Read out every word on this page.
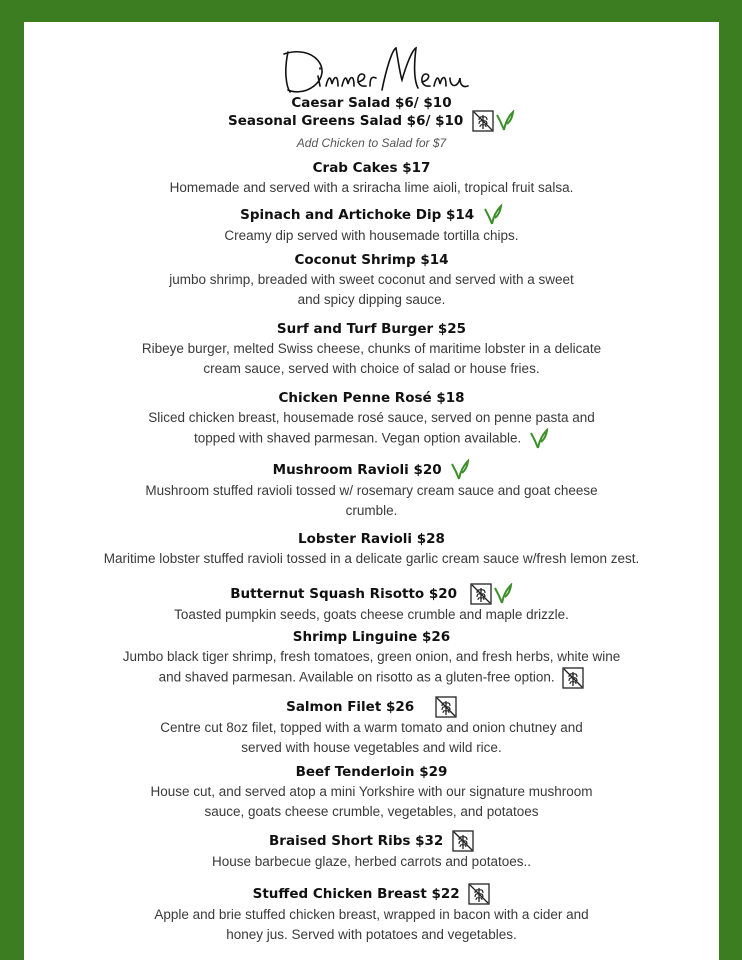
Caesar Salad $6/ $10
Seasonal Greens Salad $6/ $10
Add Chicken to Salad for $7
Crab Cakes $17
Homemade and served with a sriracha lime aioli, tropical fruit salsa.
Spinach and Artichoke Dip $14
Creamy dip served with housemade tortilla chips.
Coconut Shrimp $14
jumbo shrimp, breaded with sweet coconut and served with a sweet
and spicy dipping sauce.
Surf and Turf Burger $25
Ribeye burger, melted Swiss cheese, chunks of maritime lobster in a delicate
cream sauce, served with choice of salad or house fries.
Chicken Penne Rosé $18
Sliced chicken breast, housemade rosé sauce, served on penne pasta and
topped with shaved parmesan. Vegan option available.
Mushroom Ravioli $20
Mushroom stuffed ravioli tossed w/ rosemary cream sauce and goat cheese
crumble.
Lobster Ravioli $28
Maritime lobster stuffed ravioli tossed in a delicate garlic cream sauce w/fresh lemon zest.
Butternut Squash Risotto $20
Toasted pumpkin seeds, goats cheese crumble and maple drizzle.
Shrimp Linguine $26
Jumbo black tiger shrimp, fresh tomatoes, green onion, and fresh herbs, white wine
and shaved parmesan. Available on risotto as a gluten-free option.
Salmon Filet $26
Centre cut 8oz filet, topped with a warm tomato and onion chutney and
served with house vegetables and wild rice.
Beef Tenderloin $29
House cut, and served atop a mini Yorkshire with our signature mushroom
sauce, goats cheese crumble, vegetables, and potatoes
Braised Short Ribs $32
House barbecue glaze, herbed carrots and potatoes..
Stuffed Chicken Breast $22
Apple and brie stuffed chicken breast, wrapped in bacon with a cider and
honey jus. Served with potatoes and vegetables.
